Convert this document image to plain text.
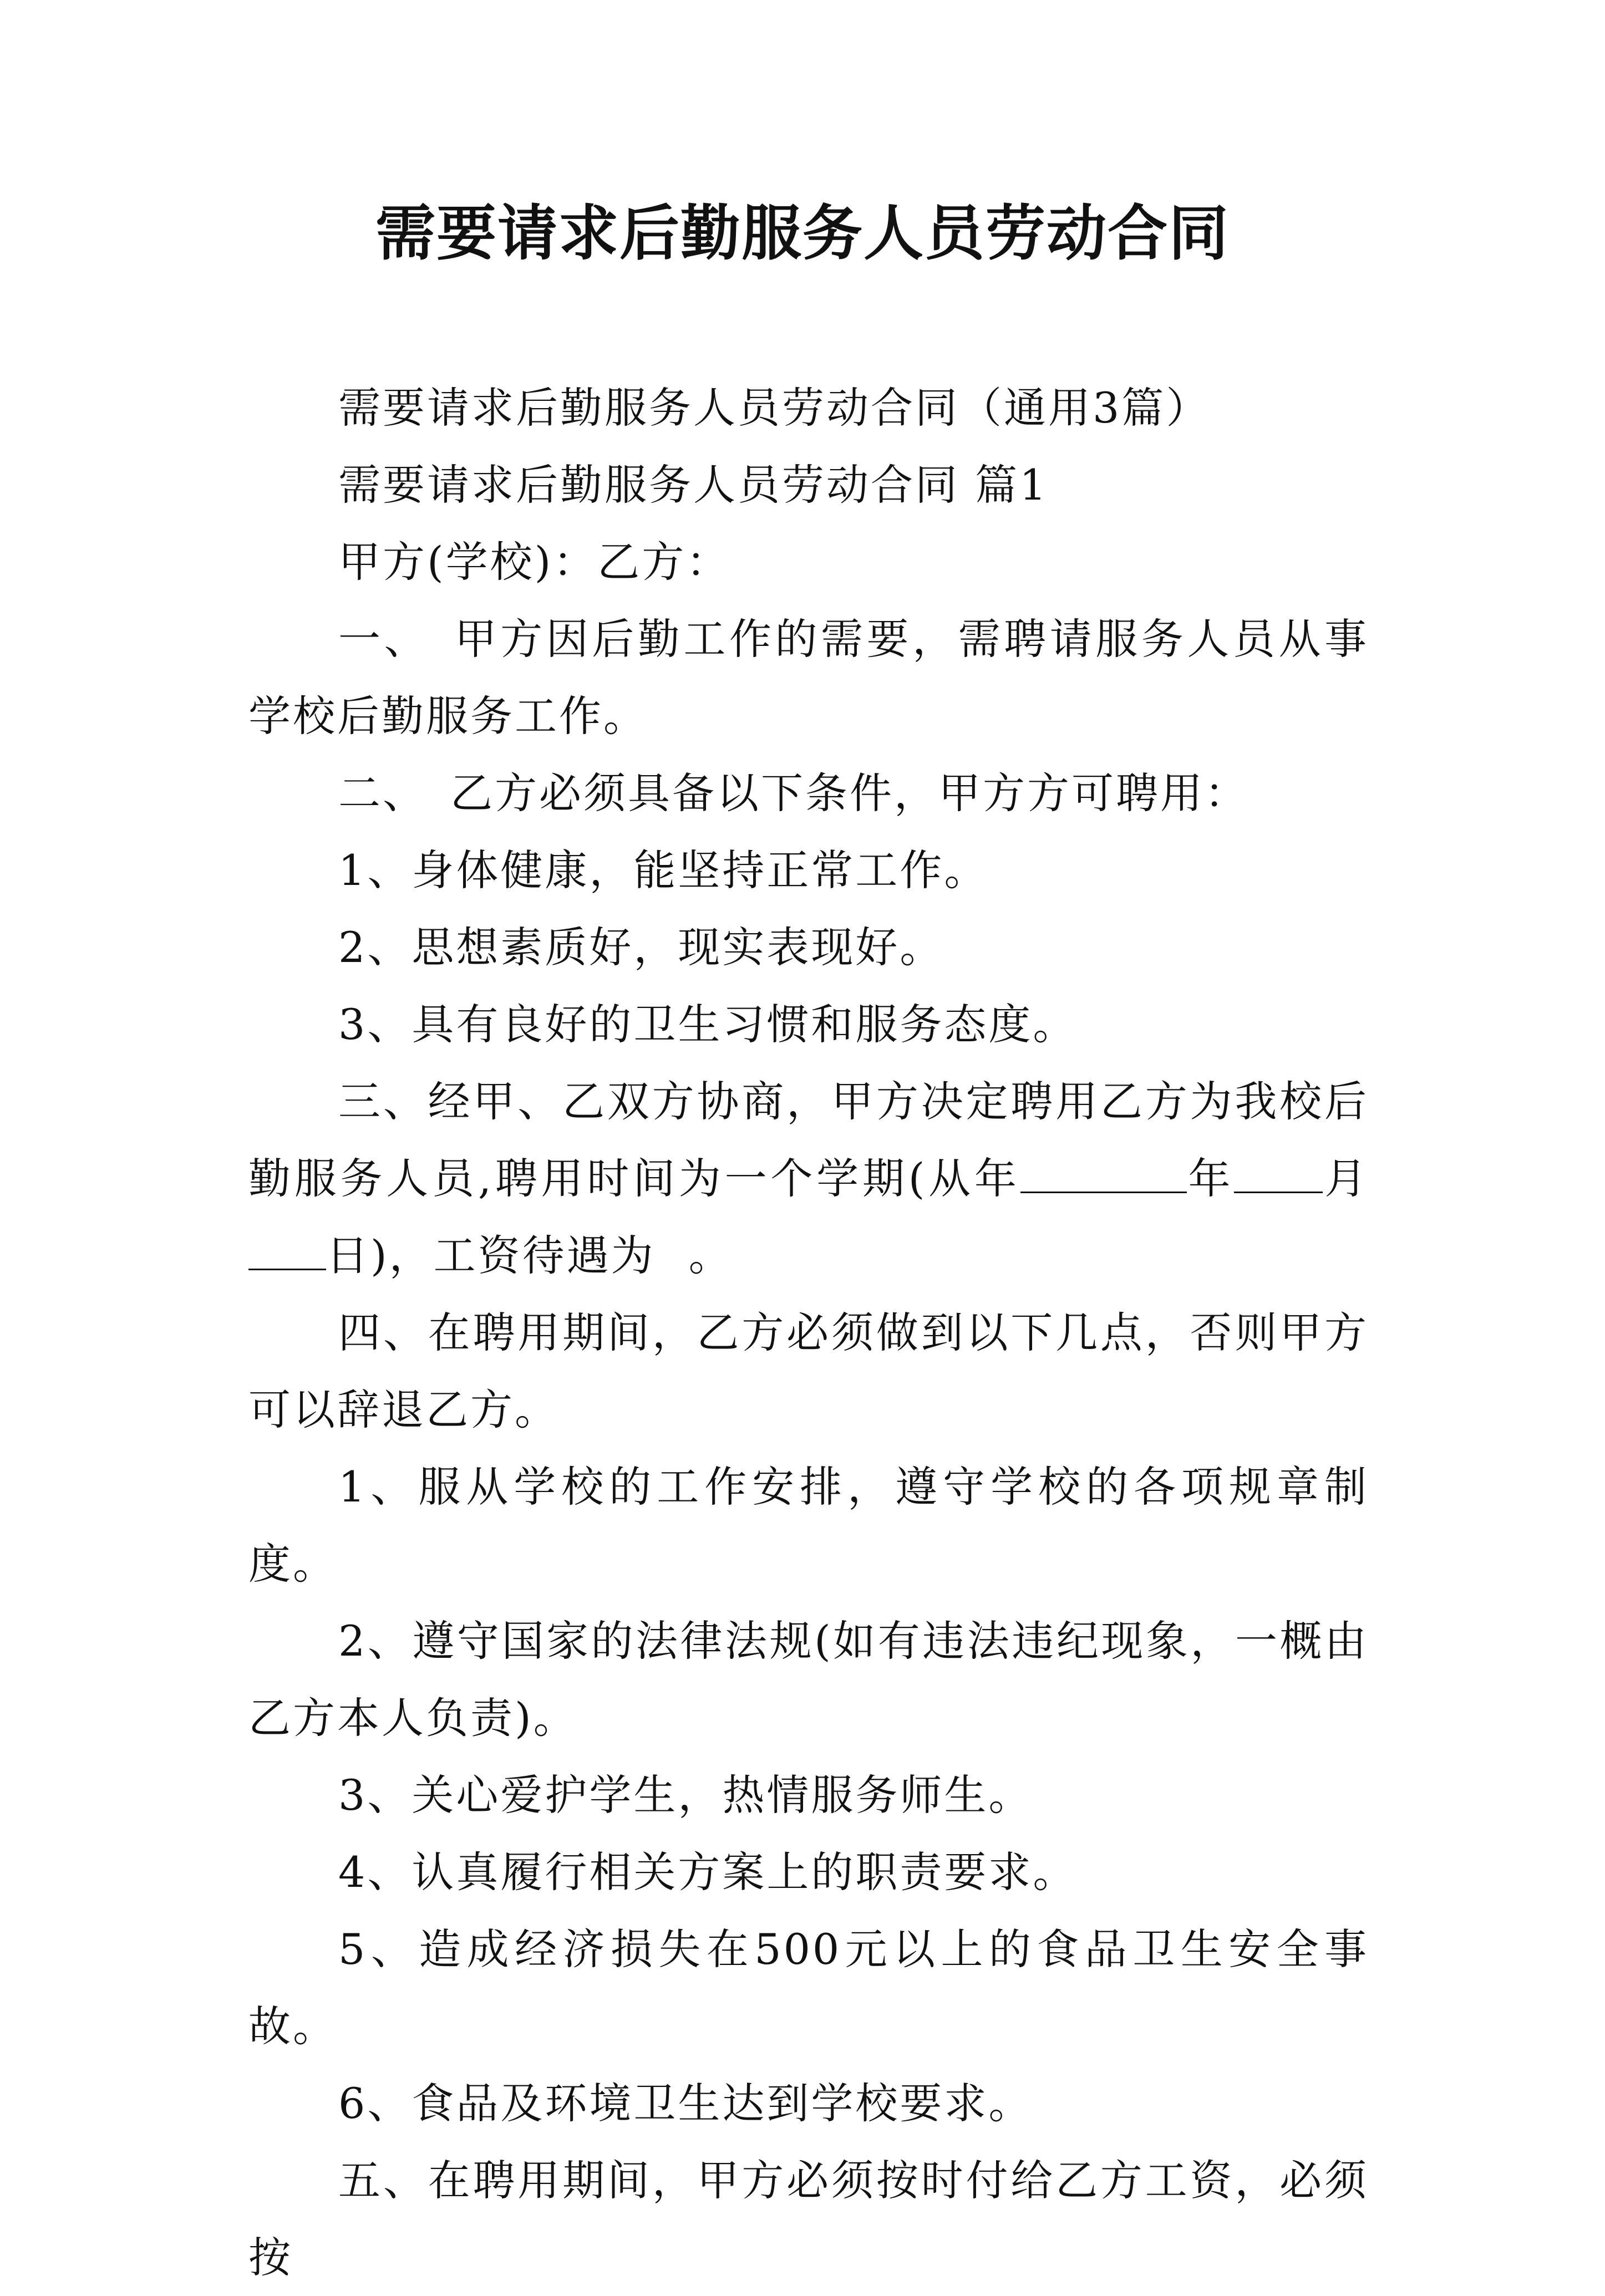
需要请求后勤服务人员劳动合同

需要请求后勤服务人员劳动合同（通用3篇）

需要请求后勤服务人员劳动合同 篇1

甲方(学校)：乙方：

一、　甲方因后勤工作的需要，需聘请服务人员从事学校后勤服务工作。

二、　乙方必须具备以下条件，甲方方可聘用：

1、身体健康，能坚持正常工作。

2、思想素质好，现实表现好。

3、具有良好的卫生习惯和服务态度。

三、经甲、乙双方协商，甲方决定聘用乙方为我校后勤服务人员,聘用时间为一个学期(从年	年 月日)，工资待遇为 。

四、在聘用期间，乙方必须做到以下几点，否则甲方可以辞退乙方。

1、服从学校的工作安排，遵守学校的各项规章制度。

2、遵守国家的法律法规(如有违法违纪现象，一概由乙方本人负责)。

3、关心爱护学生，热情服务师生。

4、认真履行相关方案上的职责要求。

5、造成经济损失在500元以上的食品卫生安全事故。

6、食品及环境卫生达到学校要求。

五、在聘用期间，甲方必须按时付给乙方工资，必须按
